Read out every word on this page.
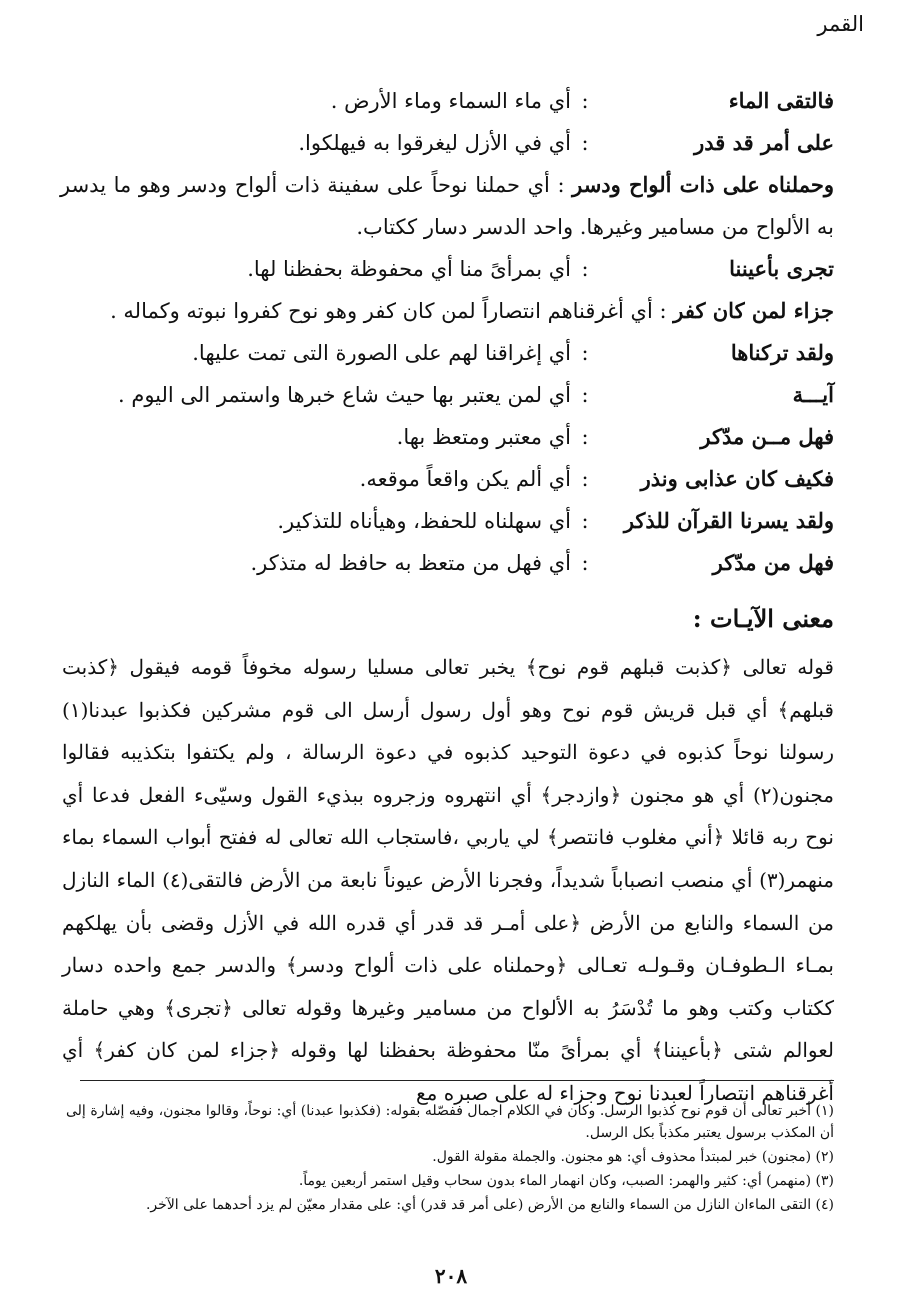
القمر
فالتقى الماء
:
أي ماء السماء وماء الأرض .
على أمر قد قدر
:
أي في الأزل ليغرقوا به فيهلكوا.
وحملناه على ذات ألواح ودسر : أي حملنا نوحاً على سفينة ذات ألواح ودسر وهو ما يدسر به الألواح من مسامير وغيرها. واحد الدسر دسار ككتاب.
تجرى بأعيننا
:
أي بمرأىً منا أي محفوظة بحفظنا لها.
جزاء لمن كان كفر : أي أغرقناهم انتصاراً لمن كان كفر وهو نوح كفروا نبوته وكماله .
ولقد تركناها
:
أي إغراقنا لهم على الصورة التى تمت عليها.
آيـــة
:
أي لمن يعتبر بها حيث شاع خبرها واستمر الى اليوم .
فهل مــن مدّكر
:
أي معتبر ومتعظ بها.
فكيف كان عذابى ونذر
:
أي ألم يكن واقعاً موقعه.
ولقد يسرنا القرآن للذكر
:
أي سهلناه للحفظ، وهيأناه للتذكير.
فهل من مدّكر
:
أي فهل من متعظ به حافظ له متذكر.
معنى الآيـات :

قوله تعالى ﴿كذبت قبلهم قوم نوح﴾ يخبر تعالى مسليا رسوله مخوفاً قومه فيقول ﴿كذبت قبلهم﴾ أي قبل قريش قوم نوح وهو أول رسول أرسل الى قوم مشركين فكذبوا عبدنا(١) رسولنا نوحاً كذبوه في دعوة التوحيد كذبوه في دعوة الرسالة ، ولم يكتفوا بتكذيبه فقالوا مجنون(٢) أي هو مجنون ﴿وازدجر﴾ أي انتهروه وزجروه ببذيء القول وسيّىء الفعل فدعا أي نوح ربه قائلا ﴿أني مغلوب فانتصر﴾ لي ياربي ،فاستجاب الله تعالى له ففتح أبواب السماء بماء منهمر(٣) أي منصب انصباباً شديداً، وفجرنا الأرض عيوناً نابعة من الأرض فالتقى(٤) الماء النازل من السماء والنابع من الأرض ﴿على أمـر قد قدر أي قدره الله في الأزل وقضى بأن يهلكهم بمـاء الـطوفـان وقـولـه تعـالى ﴿وحملناه على ذات ألواح ودسر﴾ والدسر جمع واحده دسار ككتاب وكتب وهو ما تُدْسَرُ به الألواح من مسامير وغيرها وقوله تعالى ﴿تجرى﴾ وهي حاملة لعوالم شتى ﴿بأعيننا﴾ أي بمرأىً منّا محفوظة بحفظنا لها وقوله ﴿جزاء لمن كان كفر﴾ أي أغرقناهم انتصاراً لعبدنا نوح وجزاء له على صبره مع

(١) أخبر تعالى أن قوم نوح كذبوا الرسل. وكان في الكلام اجمال ففصّله بقوله: (فكذبوا عبدنا) أي: نوحاً، وقالوا مجنون، وفيه إشارة إلى أن المكذب برسول يعتبر مكذباً بكل الرسل.

(٢) (مجنون) خبر لمبتدأ محذوف أي: هو مجنون. والجملة مقولة القول.

(٣) (منهمر) أي: كثير والهمر: الصبب، وكان انهمار الماء بدون سحاب وقيل استمر أربعين يوماً.

(٤) التقى الماءان النازل من السماء والنابع من الأرض (على أمر قد قدر) أي: على مقدار معيّن لم يزد أحدهما على الآخر.

٢٠٨
